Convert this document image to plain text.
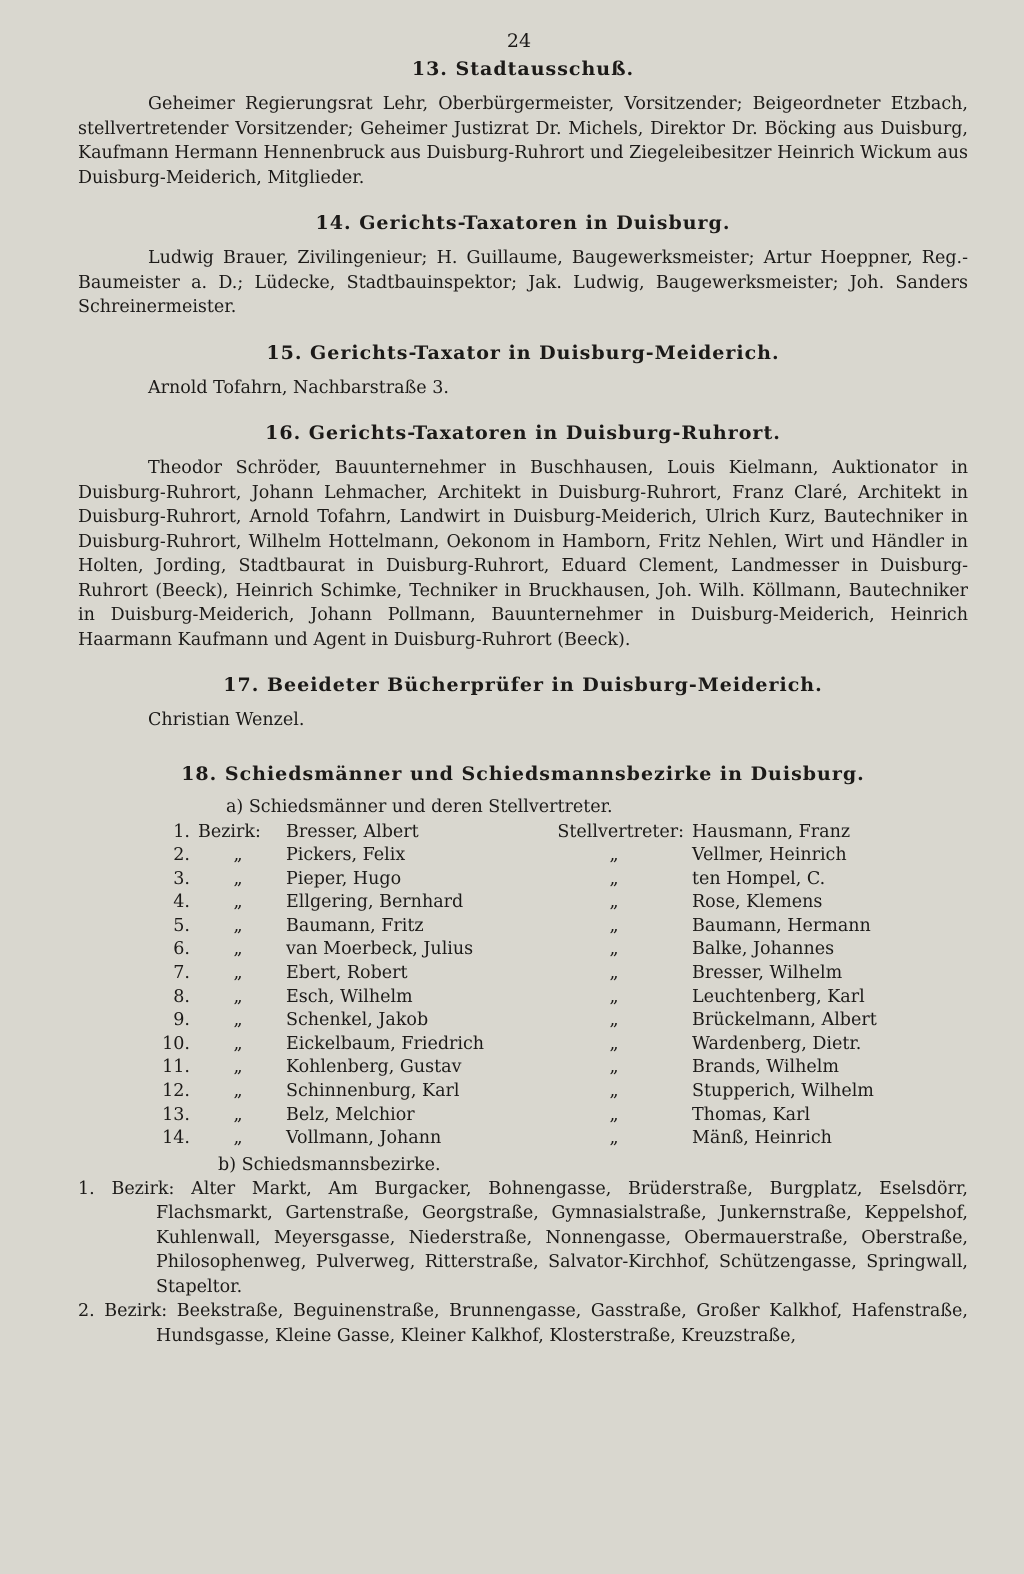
24
13. Stadtausschuß.

Geheimer Regierungsrat Lehr, Oberbürgermeister, Vorsitzender; Beigeordneter Etzbach, stellvertretender Vorsitzender; Geheimer Justizrat Dr. Michels, Direktor Dr. Böcking aus Duisburg, Kaufmann Hermann Hennenbruck aus Duisburg-Ruhrort und Ziegeleibesitzer Heinrich Wickum aus Duisburg-Meiderich, Mitglieder.

14. Gerichts-Taxatoren in Duisburg.

Ludwig Brauer, Zivilingenieur; H. Guillaume, Baugewerksmeister; Artur Hoeppner, Reg.-Baumeister a. D.; Lüdecke, Stadtbauinspektor; Jak. Ludwig, Baugewerksmeister; Joh. Sanders Schreinermeister.

15. Gerichts-Taxator in Duisburg-Meiderich.

Arnold Tofahrn, Nachbarstraße 3.

16. Gerichts-Taxatoren in Duisburg-Ruhrort.

Theodor Schröder, Bauunternehmer in Buschhausen, Louis Kielmann, Auktionator in Duisburg-Ruhrort, Johann Lehmacher, Architekt in Duisburg-Ruhrort, Franz Claré, Architekt in Duisburg-Ruhrort, Arnold Tofahrn, Landwirt in Duisburg-Meiderich, Ulrich Kurz, Bautechniker in Duisburg-Ruhrort, Wilhelm Hottelmann, Oekonom in Hamborn, Fritz Nehlen, Wirt und Händler in Holten, Jording, Stadtbaurat in Duisburg-Ruhrort, Eduard Clement, Landmesser in Duisburg-Ruhrort (Beeck), Heinrich Schimke, Techniker in Bruckhausen, Joh. Wilh. Köllmann, Bautechniker in Duisburg-Meiderich, Johann Pollmann, Bauunternehmer in Duisburg-Meiderich, Heinrich Haarmann Kaufmann und Agent in Duisburg-Ruhrort (Beeck).

17. Beeideter Bücherprüfer in Duisburg-Meiderich.

Christian Wenzel.

18. Schiedsmänner und Schiedsmannsbezirke in Duisburg.
a) Schiedsmänner und deren Stellvertreter.
1.	Bezirk:	Bresser, Albert	Stellvertreter:	Hausmann, Franz
2.	„	Pickers, Felix	„	Vellmer, Heinrich
3.	„	Pieper, Hugo	„	ten Hompel, C.
4.	„	Ellgering, Bernhard	„	Rose, Klemens
5.	„	Baumann, Fritz	„	Baumann, Hermann
6.	„	van Moerbeck, Julius	„	Balke, Johannes
7.	„	Ebert, Robert	„	Bresser, Wilhelm
8.	„	Esch, Wilhelm	„	Leuchtenberg, Karl
9.	„	Schenkel, Jakob	„	Brückelmann, Albert
10.	„	Eickelbaum, Friedrich	„	Wardenberg, Dietr.
11.	„	Kohlenberg, Gustav	„	Brands, Wilhelm
12.	„	Schinnenburg, Karl	„	Stupperich, Wilhelm
13.	„	Belz, Melchior	„	Thomas, Karl
14.	„	Vollmann, Johann	„	Mänß, Heinrich
b) Schiedsmannsbezirke.

1. Bezirk: Alter Markt, Am Burgacker, Bohnengasse, Brüderstraße, Burgplatz, Eselsdörr, Flachsmarkt, Gartenstraße, Georgstraße, Gymnasialstraße, Junkernstraße, Keppelshof, Kuhlenwall, Meyersgasse, Niederstraße, Nonnengasse, Obermauerstraße, Oberstraße, Philosophenweg, Pulverweg, Ritterstraße, Salvator-Kirchhof, Schützengasse, Springwall, Stapeltor.

2. Bezirk: Beekstraße, Beguinenstraße, Brunnengasse, Gasstraße, Großer Kalkhof, Hafenstraße, Hundsgasse, Kleine Gasse, Kleiner Kalkhof, Klosterstraße, Kreuzstraße,
